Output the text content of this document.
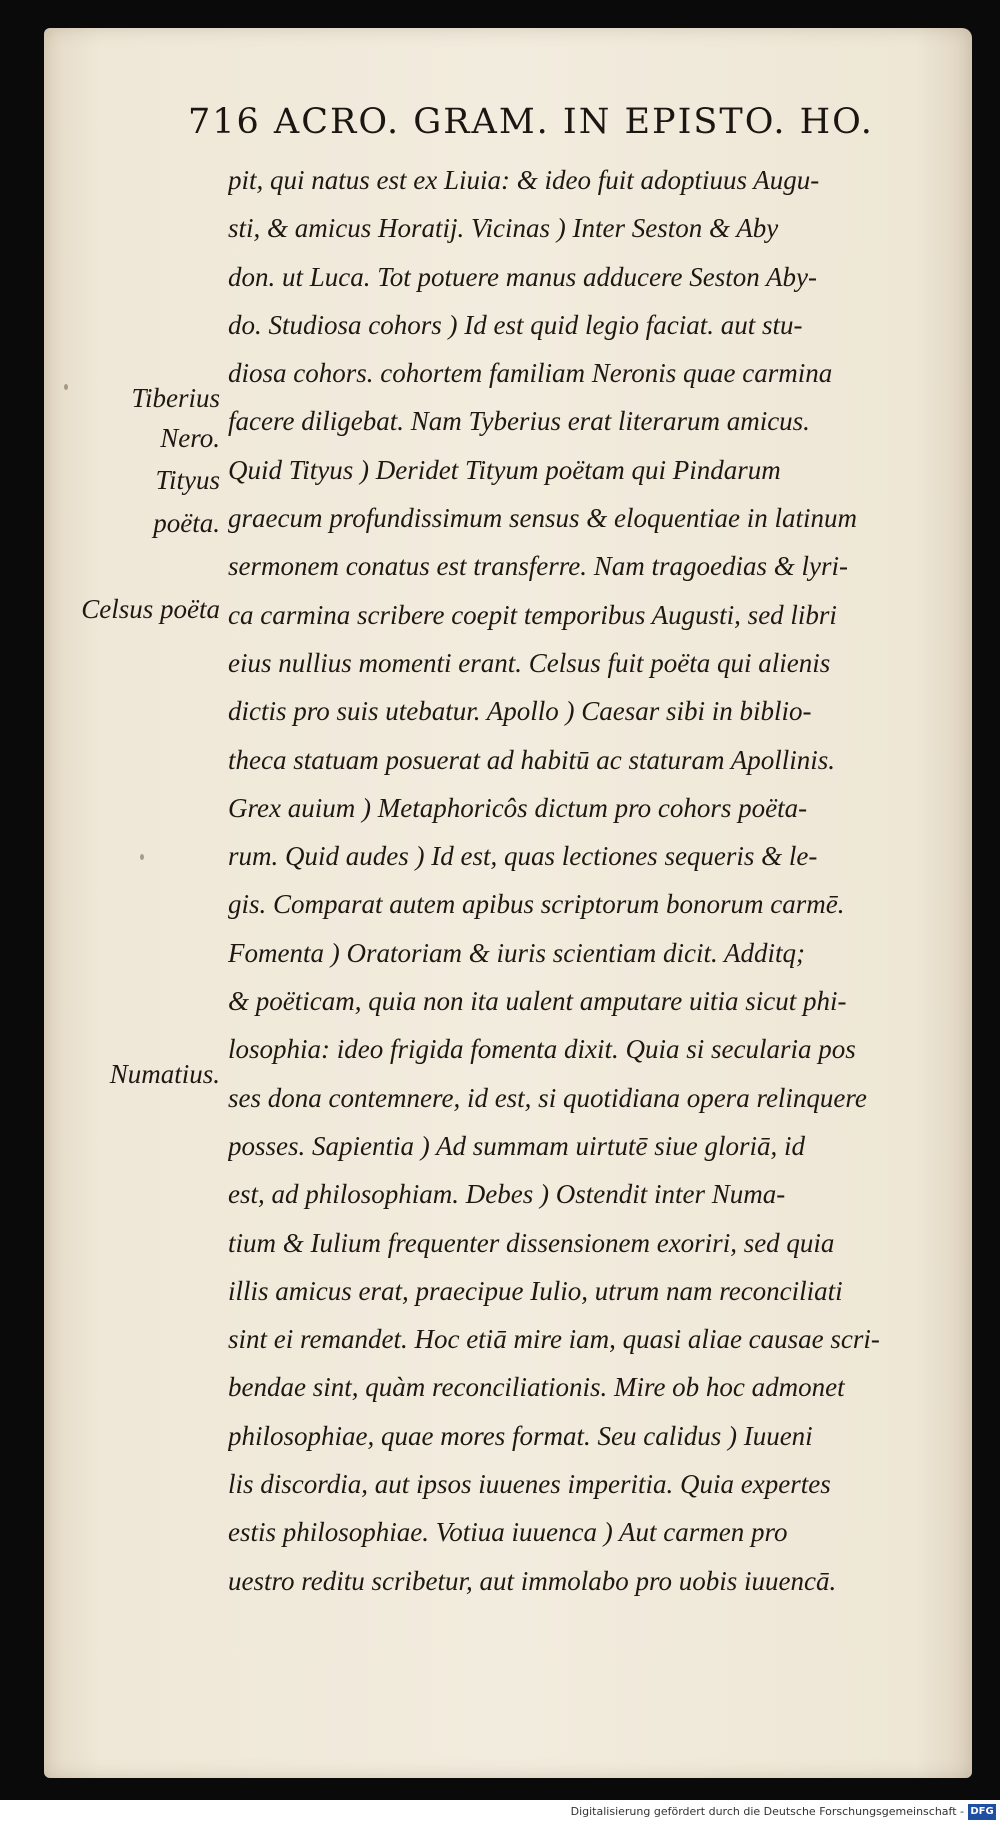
716 ACRO. GRAM. IN EPISTO. HO.
pit, qui natus est ex Liuia: & ideo fuit adoptiuus Augu-
sti, & amicus Horatij. Vicinas ) Inter Seston & Aby
don. ut Luca. Tot potuere manus adducere Seston Aby-
do. Studiosa cohors ) Id est quid legio faciat. aut stu-
diosa cohors. cohortem familiam Neronis quae carmina
facere diligebat. Nam Tyberius erat literarum amicus.
Quid Tityus ) Deridet Tityum poëtam qui Pindarum
graecum profundissimum sensus & eloquentiae in latinum
sermonem conatus est transferre. Nam tragoedias & lyri-
ca carmina scribere coepit temporibus Augusti, sed libri
eius nullius momenti erant. Celsus fuit poëta qui alienis
dictis pro suis utebatur. Apollo ) Caesar sibi in biblio-
theca statuam posuerat ad habitū ac staturam Apollinis.
Grex auium ) Metaphoricôs dictum pro cohors poëta-
rum. Quid audes ) Id est, quas lectiones sequeris & le-
gis. Comparat autem apibus scriptorum bonorum carmē.
Fomenta ) Oratoriam & iuris scientiam dicit. Additq;
& poëticam, quia non ita ualent amputare uitia sicut phi-
losophia: ideo frigida fomenta dixit. Quia si secularia pos
ses dona contemnere, id est, si quotidiana opera relinquere
posses. Sapientia ) Ad summam uirtutē siue gloriā, id
est, ad philosophiam. Debes ) Ostendit inter Numa-
tium & Iulium frequenter dissensionem exoriri, sed quia
illis amicus erat, praecipue Iulio, utrum nam reconciliati
sint ei remandet. Hoc etiā mire iam, quasi aliae causae scri-
bendae sint, quàm reconciliationis. Mire ob hoc admonet
philosophiae, quae mores format. Seu calidus ) Iuueni
lis discordia, aut ipsos iuuenes imperitia. Quia expertes
estis philosophiae. Votiua iuuenca ) Aut carmen pro
uestro reditu scribetur, aut immolabo pro uobis iuuencā.
Tiberius
Nero.
Tityus
poëta.
Celsus poëta
Numatius.
Digitalisierung gefördert durch die Deutsche Forschungsgemeinschaft - DFG
